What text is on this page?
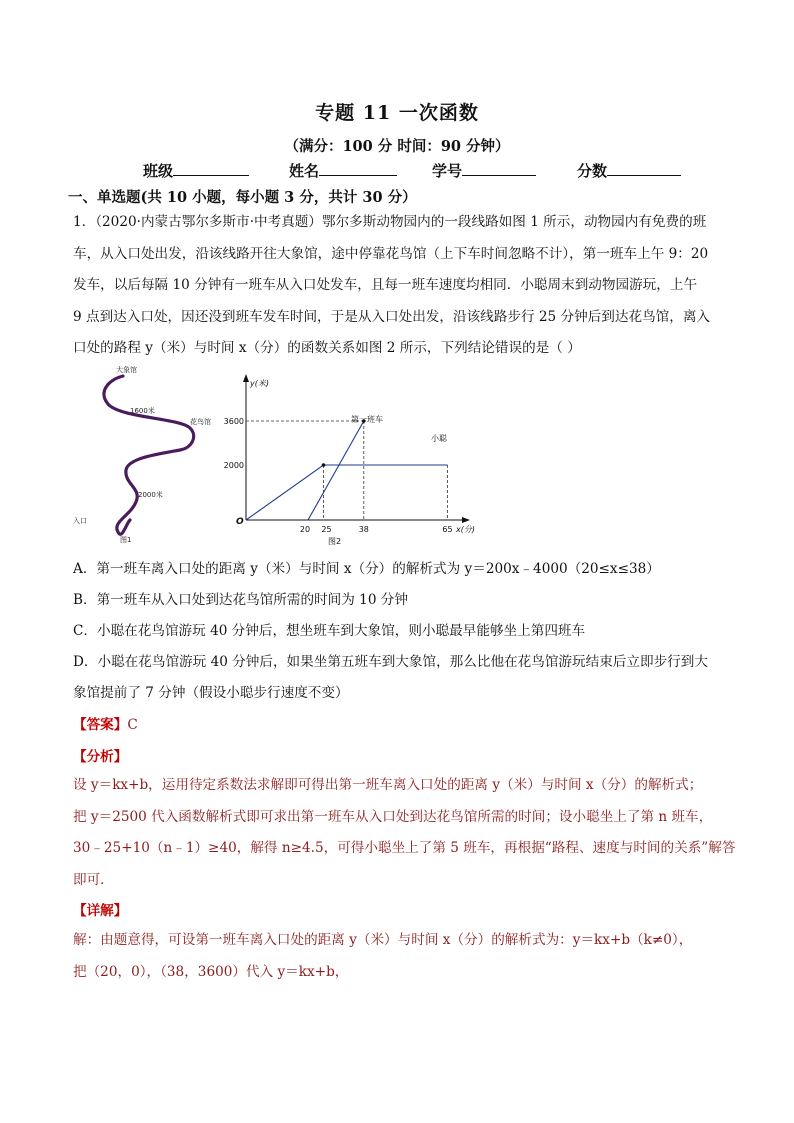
专题 11 一次函数
（满分：100 分 时间：90 分钟）
班级	姓名	学号	分数
一、单选题(共 10 小题，每小题 3 分，共计 30 分）
1．（2020·内蒙古鄂尔多斯市·中考真题）鄂尔多斯动物园内的一段线路如图 1 所示，动物园内有免费的班
车，从入口处出发，沿该线路开往大象馆，途中停靠花鸟馆（上下车时间忽略不计），第一班车上午 9：20
发车，以后每隔 10 分钟有一班车从入口处发车，且每一班车速度均相同．小聪周末到动物园游玩，上午
9 点到达入口处，因还没到班车发车时间，于是从入口处出发，沿该线路步行 25 分钟后到达花鸟馆，离入
口处的路程 y（米）与时间 x（分）的函数关系如图 2 所示，下列结论错误的是（ ）
大象馆
1600米
花鸟馆
2000米
入口
图1
3600
2000
20 25	38	65
y(米)
x(分)
O
第一班车
小聪
图2
A．第一班车离入口处的距离 y（米）与时间 x（分）的解析式为 y＝200x﹣4000（20≤x≤38）
B．第一班车从入口处到达花鸟馆所需的时间为 10 分钟
C．小聪在花鸟馆游玩 40 分钟后，想坐班车到大象馆，则小聪最早能够坐上第四班车
D．小聪在花鸟馆游玩 40 分钟后，如果坐第五班车到大象馆，那么比他在花鸟馆游玩结束后立即步行到大
象馆提前了 7 分钟（假设小聪步行速度不变）
【答案】C
【分析】
设 y＝kx+b，运用待定系数法求解即可得出第一班车离入口处的距离 y（米）与时间 x（分）的解析式；
把 y＝2500 代入函数解析式即可求出第一班车从入口处到达花鸟馆所需的时间；设小聪坐上了第 n 班车，
30﹣25+10（n﹣1）≥40，解得 n≥4.5，可得小聪坐上了第 5 班车，再根据“路程、速度与时间的关系”解答
即可．
【详解】
解：由题意得，可设第一班车离入口处的距离 y（米）与时间 x（分）的解析式为：y＝kx+b（k≠0），
把（20，0），（38，3600）代入 y＝kx+b，
